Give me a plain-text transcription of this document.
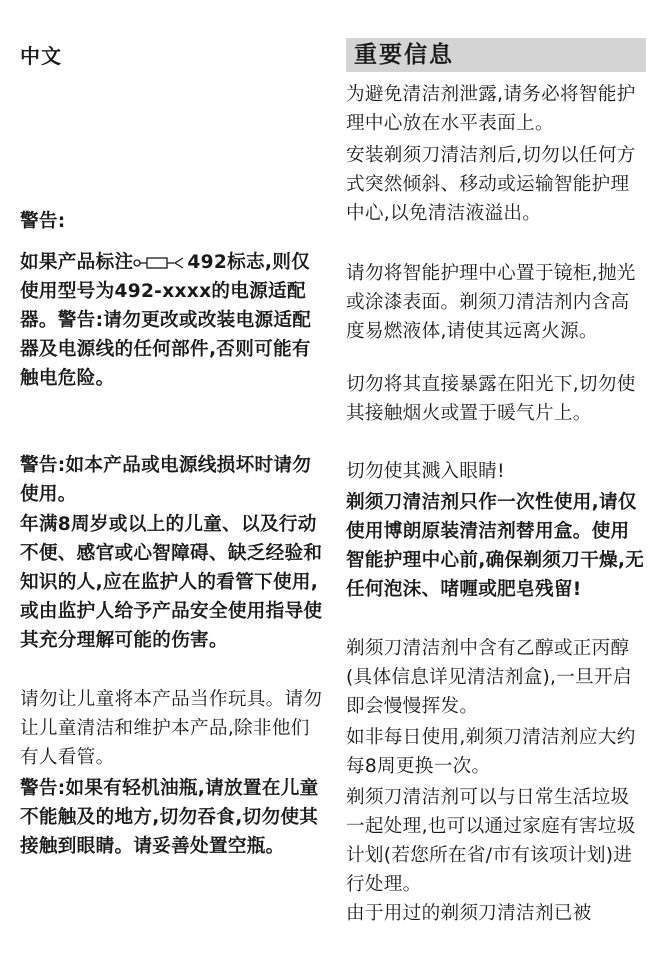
中文	重要信息

警告:

如果产品标注	492标志,则仅使用型号为492-xxxx的电源适配器。警告:请勿更改或改装电源适配器及电源线的任何部件,否则可能有触电危险。

警告:如本产品或电源线损坏时请勿使用。

年满8周岁或以上的儿童、以及行动不便、感官或心智障碍、缺乏经验和知识的人,应在监护人的看管下使用,或由监护人给予产品安全使用指导使其充分理解可能的伤害。

请勿让儿童将本产品当作玩具。请勿让儿童清洁和维护本产品,除非他们有人看管。

警告:如果有轻机油瓶,请放置在儿童不能触及的地方,切勿吞食,切勿使其接触到眼睛。请妥善处置空瓶。

为避免清洁剂泄露,请务必将智能护理中心放在水平表面上。

安装剃须刀清洁剂后,切勿以任何方式突然倾斜、移动或运输智能护理中心,以免清洁液溢出。

请勿将智能护理中心置于镜柜,抛光或涂漆表面。剃须刀清洁剂内含高度易燃液体,请使其远离火源。

切勿将其直接暴露在阳光下,切勿使其接触烟火或置于暖气片上。

切勿使其溅入眼睛!

剃须刀清洁剂只作一次性使用,请仅使用博朗原装清洁剂替用盒。使用智能护理中心前,确保剃须刀干燥,无任何泡沫、啫喱或肥皂残留!

剃须刀清洁剂中含有乙醇或正丙醇(具体信息详见清洁剂盒),一旦开启即会慢慢挥发。

如非每日使用,剃须刀清洁剂应大约每8周更换一次。

剃须刀清洁剂可以与日常生活垃圾一起处理,也可以通过家庭有害垃圾计划(若您所在省/市有该项计划)进行处理。

由于用过的剃须刀清洁剂已被
